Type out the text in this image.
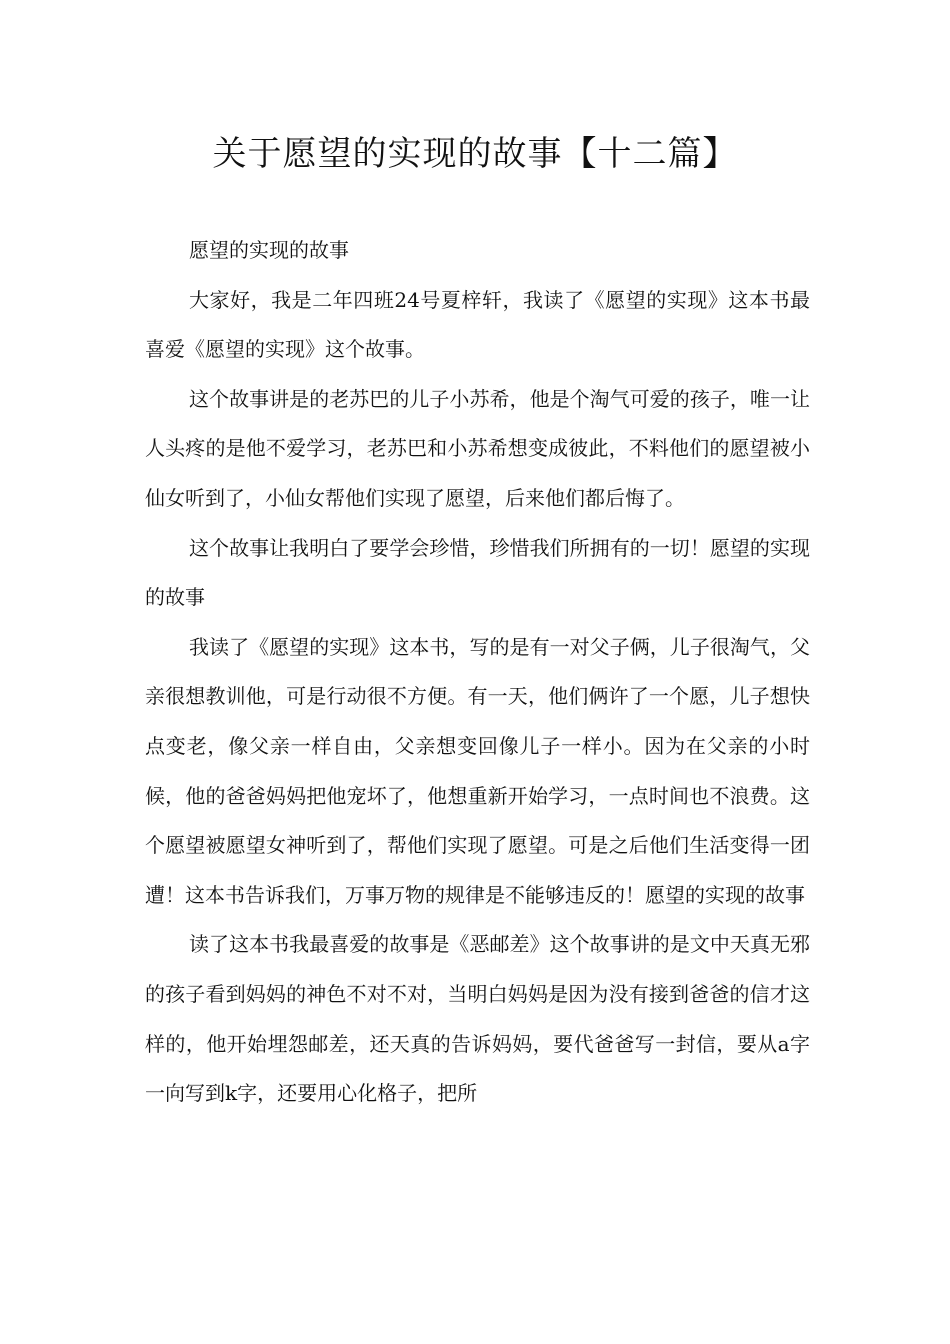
关于愿望的实现的故事【十二篇】

愿望的实现的故事

大家好，我是二年四班24号夏梓轩，我读了《愿望的实现》这本书最喜爱《愿望的实现》这个故事。

这个故事讲是的老苏巴的儿子小苏希，他是个淘气可爱的孩子，唯一让人头疼的是他不爱学习，老苏巴和小苏希想变成彼此，不料他们的愿望被小仙女听到了，小仙女帮他们实现了愿望，后来他们都后悔了。

这个故事让我明白了要学会珍惜，珍惜我们所拥有的一切！愿望的实现的故事

我读了《愿望的实现》这本书，写的是有一对父子俩，儿子很淘气，父亲很想教训他，可是行动很不方便。有一天，他们俩许了一个愿，儿子想快点变老，像父亲一样自由，父亲想变回像儿子一样小。因为在父亲的小时候，他的爸爸妈妈把他宠坏了，他想重新开始学习，一点时间也不浪费。这个愿望被愿望女神听到了，帮他们实现了愿望。可是之后他们生活变得一团遭！这本书告诉我们，万事万物的规律是不能够违反的！愿望的实现的故事

读了这本书我最喜爱的故事是《恶邮差》这个故事讲的是文中天真无邪的孩子看到妈妈的神色不对不对，当明白妈妈是因为没有接到爸爸的信才这样的，他开始埋怨邮差，还天真的告诉妈妈，要代爸爸写一封信，要从a字一向写到k字，还要用心化格子，把所
